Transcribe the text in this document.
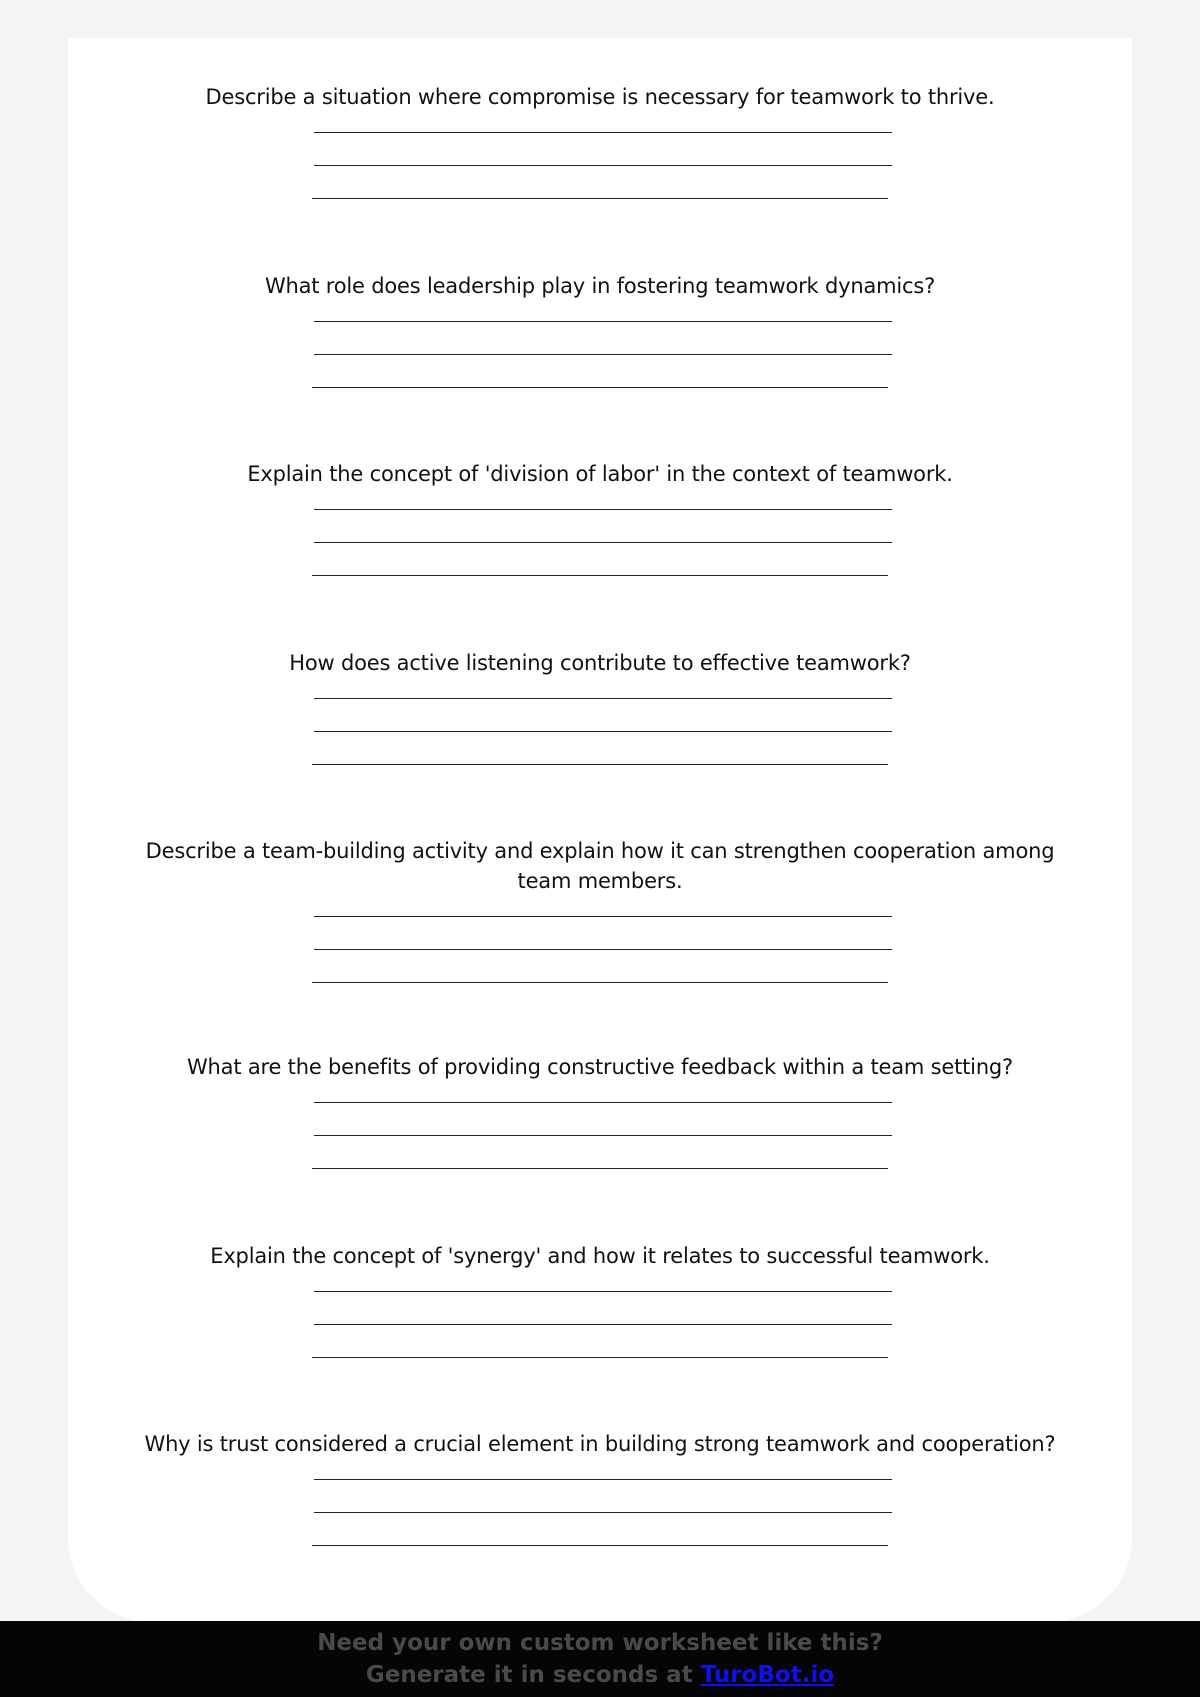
Describe a situation where compromise is necessary for teamwork to thrive.
What role does leadership play in fostering teamwork dynamics?
Explain the concept of 'division of labor' in the context of teamwork.
How does active listening contribute to effective teamwork?
Describe a team-building activity and explain how it can strengthen cooperation among team members.
What are the benefits of providing constructive feedback within a team setting?
Explain the concept of 'synergy' and how it relates to successful teamwork.
Why is trust considered a crucial element in building strong teamwork and cooperation?
Need your own custom worksheet like this?
Generate it in seconds at TuroBot.io
